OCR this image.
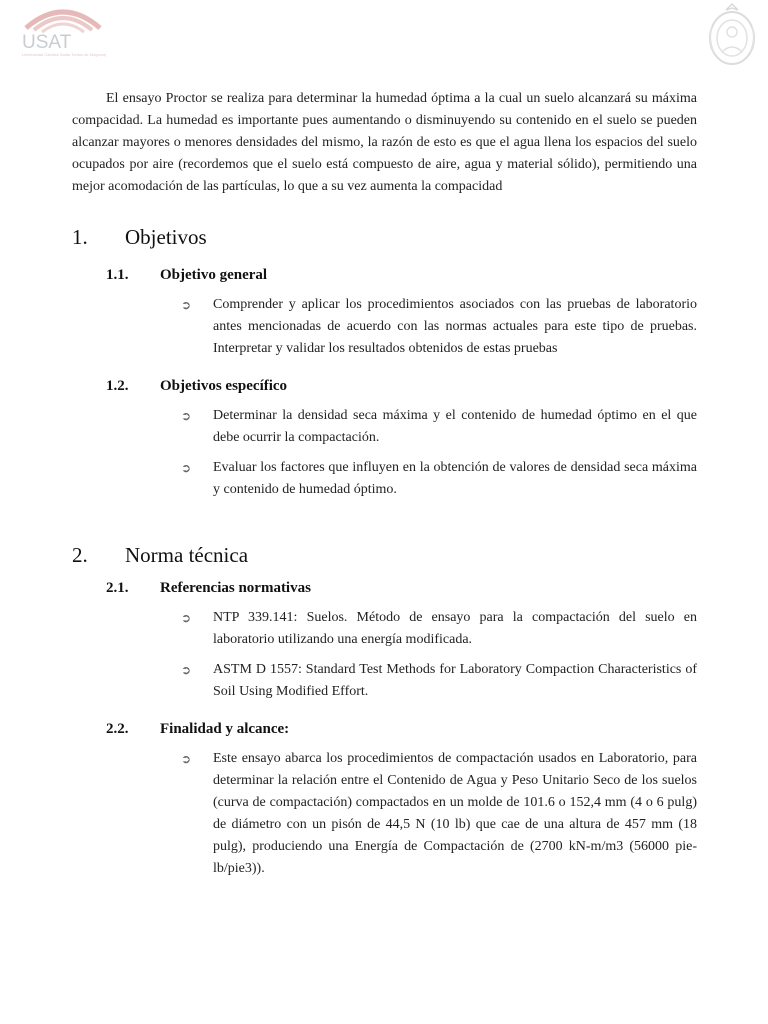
USAT
Universidad Católica Santo Toribio de Mogrovejo

El ensayo Proctor se realiza para determinar la humedad óptima a la cual un suelo alcanzará su máxima compacidad. La humedad es importante pues aumentando o disminuyendo su contenido en el suelo se pueden alcanzar mayores o menores densidades del mismo, la razón de esto es que el agua llena los espacios del suelo ocupados por aire (recordemos que el suelo está compuesto de aire, agua y material sólido), permitiendo una mejor acomodación de las partículas, lo que a su vez aumenta la compacidad

1.	Objetivos
1.1.	Objetivo general
➲	Comprender y aplicar los procedimientos asociados con las pruebas de laboratorio antes mencionadas de acuerdo con las normas actuales para este tipo de pruebas. Interpretar y validar los resultados obtenidos de estas pruebas

1.2.	Objetivos específico
➲	Determinar la densidad seca máxima y el contenido de humedad óptimo en el que debe ocurrir la compactación.

➲	Evaluar los factores que influyen en la obtención de valores de densidad seca máxima y contenido de humedad óptimo.

2.	Norma técnica
2.1.	Referencias normativas
➲	NTP 339.141: Suelos. Método de ensayo para la compactación del suelo en laboratorio utilizando una energía modificada.

➲	ASTM D 1557: Standard Test Methods for Laboratory Compaction Characteristics of Soil Using Modified Effort.

2.2.	Finalidad y alcance:
➲	Este ensayo abarca los procedimientos de compactación usados en Laboratorio, para determinar la relación entre el Contenido de Agua y Peso Unitario Seco de los suelos (curva de compactación) compactados en un molde de 101.6 o 152,4 mm (4 o 6 pulg) de diámetro con un pisón de 44,5 N (10 lb) que cae de una altura de 457 mm (18 pulg), produciendo una Energía de Compactación de (2700 kN-m/m3 (56000 pie-lb/pie3)).
